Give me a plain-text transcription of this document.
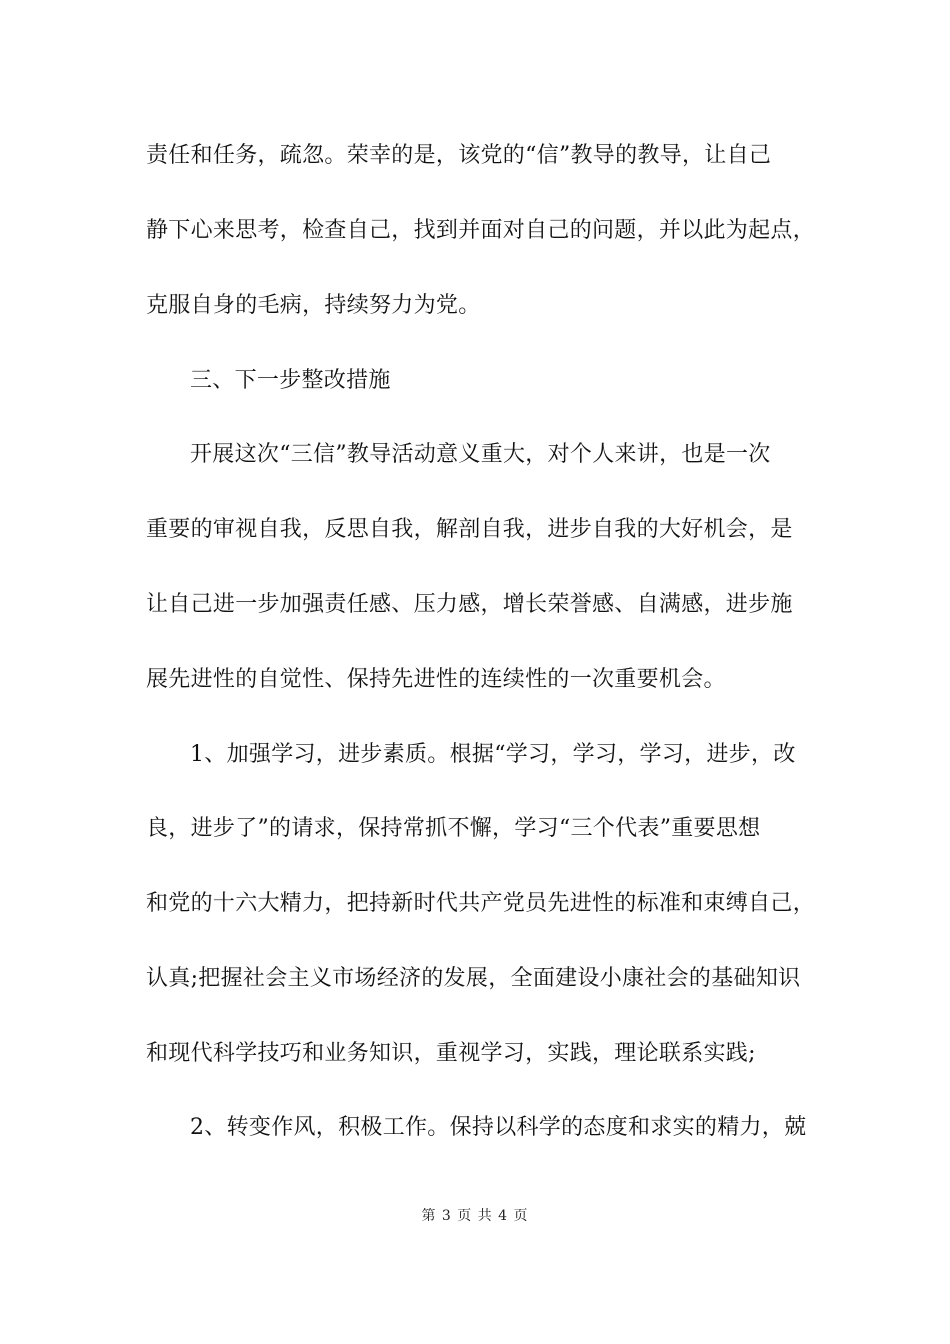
责任和任务，疏忽。荣幸的是，该党的“信”教导的教导，让自己
静下心来思考，检查自己，找到并面对自己的问题，并以此为起点，
克服自身的毛病，持续努力为党。
三、下一步整改措施
开展这次“三信”教导活动意义重大，对个人来讲，也是一次
重要的审视自我，反思自我，解剖自我，进步自我的大好机会，是
让自己进一步加强责任感、压力感，增长荣誉感、自满感，进步施
展先进性的自觉性、保持先进性的连续性的一次重要机会。
1、加强学习，进步素质。根据“学习，学习，学习，进步，改
良，进步了”的请求，保持常抓不懈，学习“三个代表”重要思想
和党的十六大精力，把持新时代共产党员先进性的标准和束缚自己，
认真;把握社会主义市场经济的发展，全面建设小康社会的基础知识
和现代科学技巧和业务知识，重视学习，实践，理论联系实践;
2、转变作风，积极工作。保持以科学的态度和求实的精力，兢
第 3 页 共 4 页
